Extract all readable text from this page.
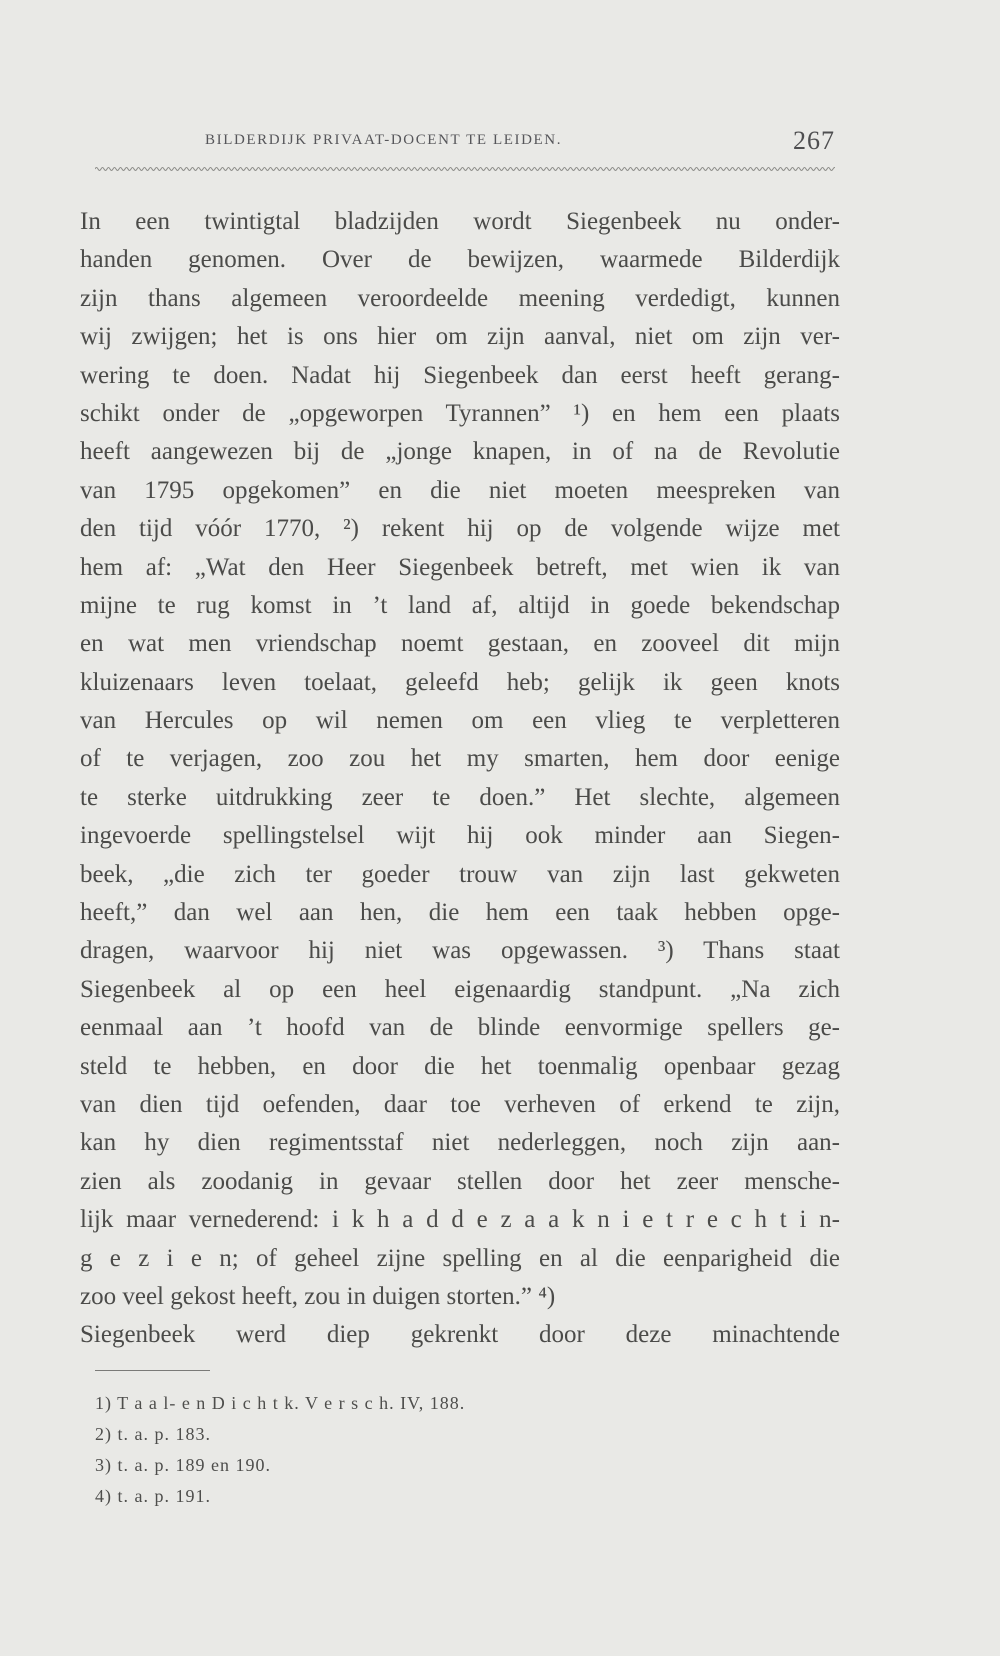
BILDERDIJK PRIVAAT-DOCENT TE LEIDEN.	267
In een twintigtal bladzijden wordt Siegenbeek nu onder-
handen genomen. Over de bewijzen, waarmede Bilderdijk
zijn thans algemeen veroordeelde meening verdedigt, kunnen
wij zwijgen; het is ons hier om zijn aanval, niet om zijn ver-
wering te doen. Nadat hij Siegenbeek dan eerst heeft gerang-
schikt onder de „opgeworpen Tyrannen” ¹) en hem een plaats
heeft aangewezen bij de „jonge knapen, in of na de Revolutie
van 1795 opgekomen” en die niet moeten meespreken van
den tijd vóór 1770, ²) rekent hij op de volgende wijze met
hem af: „Wat den Heer Siegenbeek betreft, met wien ik van
mijne te rug komst in ’t land af, altijd in goede bekendschap
en wat men vriendschap noemt gestaan, en zooveel dit mijn
kluizenaars leven toelaat, geleefd heb; gelijk ik geen knots
van Hercules op wil nemen om een vlieg te verpletteren
of te verjagen, zoo zou het my smarten, hem door eenige
te sterke uitdrukking zeer te doen.” Het slechte, algemeen
ingevoerde spellingstelsel wijt hij ook minder aan Siegen-
beek, „die zich ter goeder trouw van zijn last gekweten
heeft,” dan wel aan hen, die hem een taak hebben opge-
dragen, waarvoor hij niet was opgewassen. ³) Thans staat
Siegenbeek al op een heel eigenaardig standpunt. „Na zich
eenmaal aan ’t hoofd van de blinde eenvormige spellers ge-
steld te hebben, en door die het toenmalig openbaar gezag
van dien tijd oefenden, daar toe verheven of erkend te zijn,
kan hy dien regimentsstaf niet nederleggen, noch zijn aan-
zien als zoodanig in gevaar stellen door het zeer mensche-
lijk maar vernederend: i k h a d d e z a a k n i e t r e c h t i n-
g e z i e n; of geheel zijne spelling en al die eenparigheid die
zoo veel gekost heeft, zou in duigen storten.” ⁴)
Siegenbeek werd diep gekrenkt door deze minachtende
1) T a a l- e n D i c h t k. V e r s c h. IV, 188.
2) t. a. p. 183.
3) t. a. p. 189 en 190.
4) t. a. p. 191.
